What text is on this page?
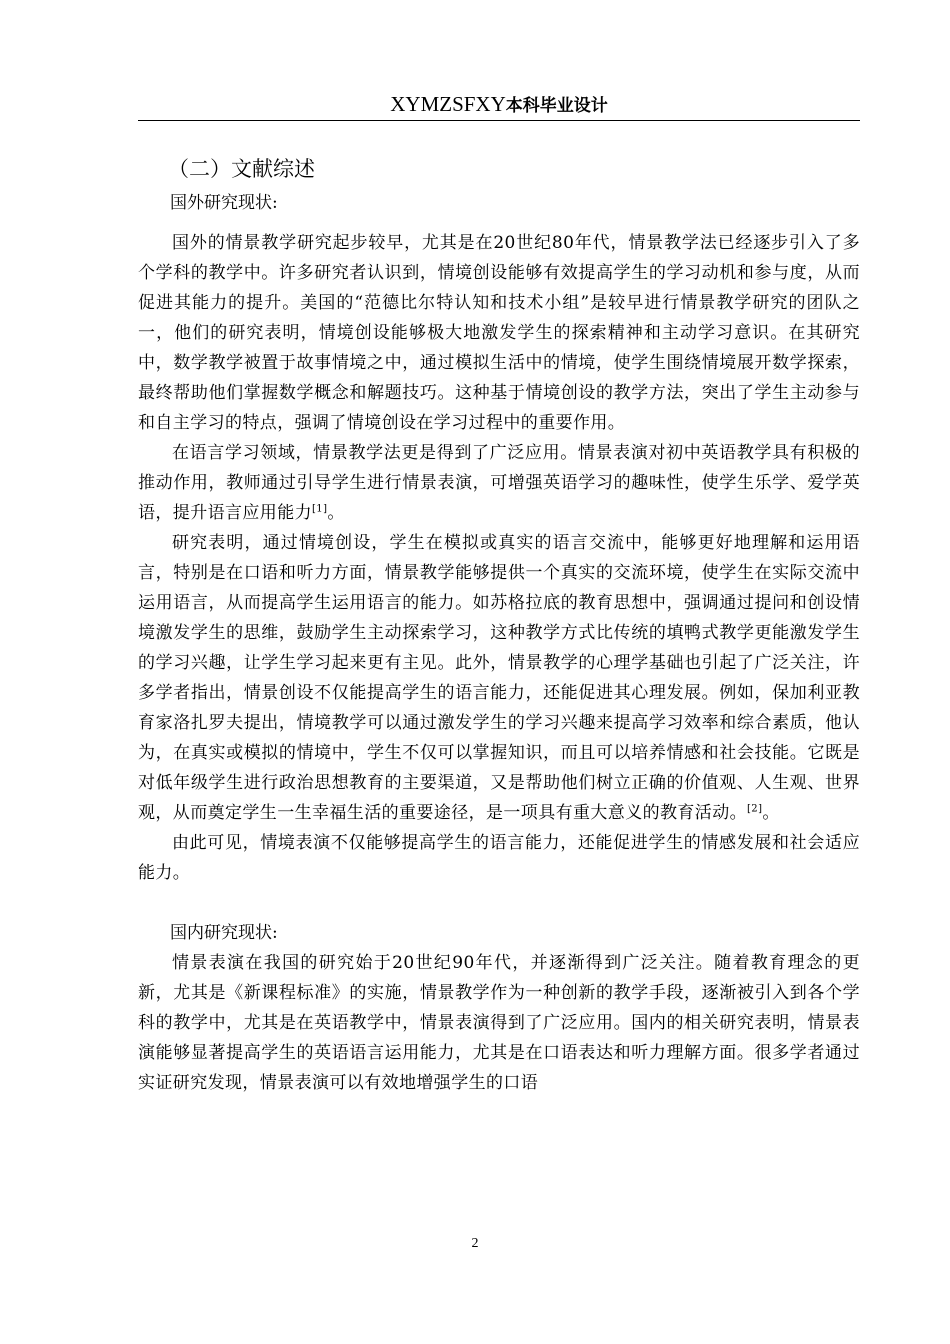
XYMZSFXY本科毕业设计
（二）文献综述
国外研究现状:

国外的情景教学研究起步较早，尤其是在20世纪80年代，情景教学法已经逐步引入了多个学科的教学中。许多研究者认识到，情境创设能够有效提高学生的学习动机和参与度，从而促进其能力的提升。美国的“范德比尔特认知和技术小组”是较早进行情景教学研究的团队之一，他们的研究表明，情境创设能够极大地激发学生的探索精神和主动学习意识。在其研究中，数学教学被置于故事情境之中，通过模拟生活中的情境，使学生围绕情境展开数学探索，最终帮助他们掌握数学概念和解题技巧。这种基于情境创设的教学方法，突出了学生主动参与和自主学习的特点，强调了情境创设在学习过程中的重要作用。

在语言学习领域，情景教学法更是得到了广泛应用。情景表演对初中英语教学具有积极的推动作用，教师通过引导学生进行情景表演，可增强英语学习的趣味性，使学生乐学、爱学英语，提升语言应用能力[1]。

研究表明，通过情境创设，学生在模拟或真实的语言交流中，能够更好地理解和运用语言，特别是在口语和听力方面，情景教学能够提供一个真实的交流环境，使学生在实际交流中运用语言，从而提高学生运用语言的能力。如苏格拉底的教育思想中，强调通过提问和创设情境激发学生的思维，鼓励学生主动探索学习，这种教学方式比传统的填鸭式教学更能激发学生的学习兴趣，让学生学习起来更有主见。此外，情景教学的心理学基础也引起了广泛关注，许多学者指出，情景创设不仅能提高学生的语言能力，还能促进其心理发展。例如，保加利亚教育家洛扎罗夫提出，情境教学可以通过激发学生的学习兴趣来提高学习效率和综合素质，他认为，在真实或模拟的情境中，学生不仅可以掌握知识，而且可以培养情感和社会技能。它既是对低年级学生进行政治思想教育的主要渠道，又是帮助他们树立正确的价值观、人生观、世界观，从而奠定学生一生幸福生活的重要途径，是一项具有重大意义的教育活动。[2]。

由此可见，情境表演不仅能够提高学生的语言能力，还能促进学生的情感发展和社会适应能力。

国内研究现状:

情景表演在我国的研究始于20世纪90年代，并逐渐得到广泛关注。随着教育理念的更新，尤其是《新课程标准》的实施，情景教学作为一种创新的教学手段，逐渐被引入到各个学科的教学中，尤其是在英语教学中，情景表演得到了广泛应用。国内的相关研究表明，情景表演能够显著提高学生的英语语言运用能力，尤其是在口语表达和听力理解方面。很多学者通过实证研究发现，情景表演可以有效地增强学生的口语

2
